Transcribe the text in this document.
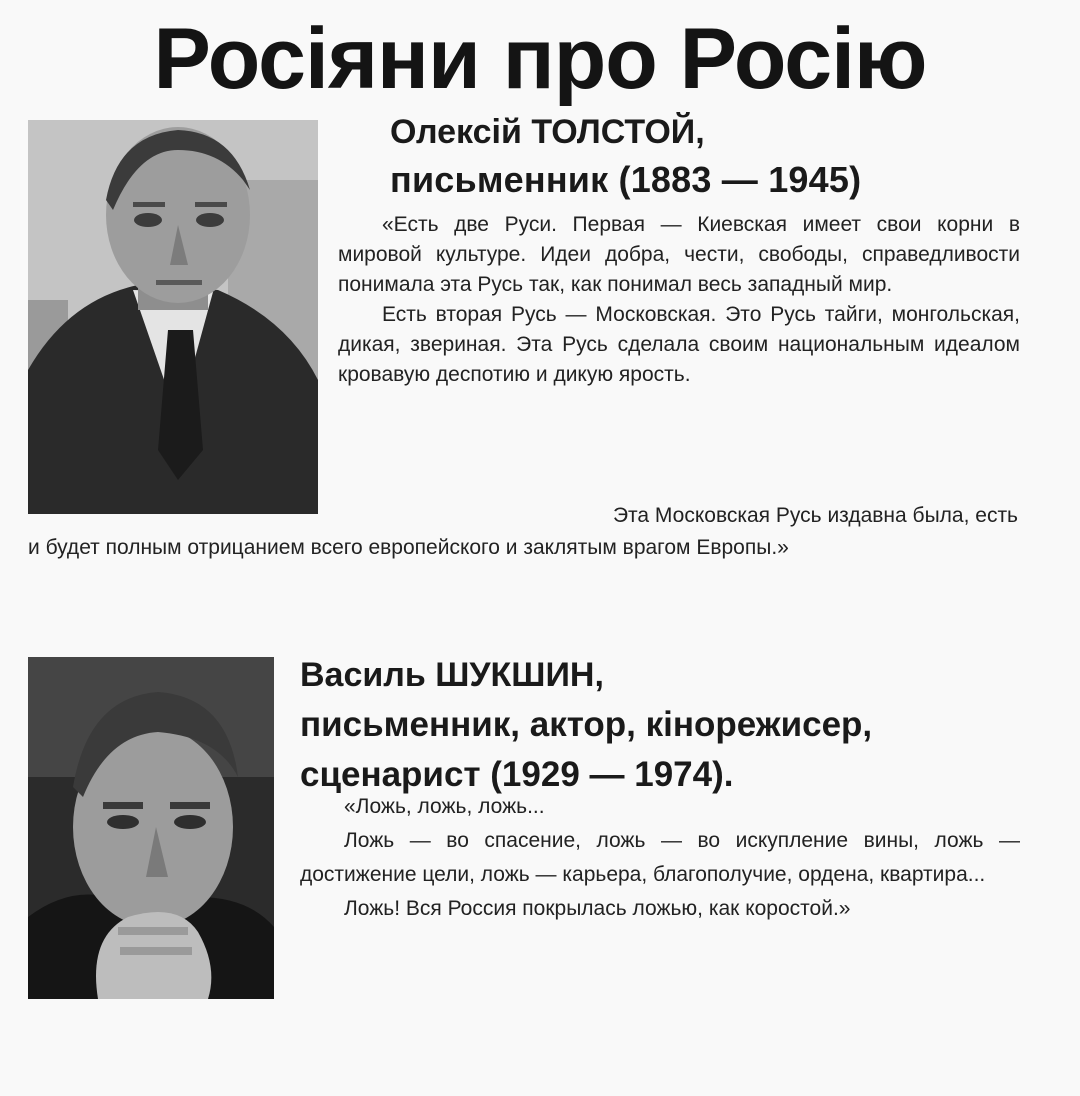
Росіяни про Росію
Олексій ТОЛСТОЙ,
письменник (1883 — 1945)

«Есть две Руси. Первая — Киевская имеет свои корни в мировой культуре. Идеи добра, чести, свободы, справедливости понимала эта Русь так, как понимал весь западный мир.

Есть вторая Русь — Московская. Это Русь тайги, монгольская, дикая, звериная. Эта Русь сделала своим национальным идеалом кровавую деспотию и дикую ярость.

Эта Московская Русь издавна была, есть
и будет полным отрицанием всего европейского и заклятым врагом Европы.»
Василь ШУКШИН,
письменник, актор, кінорежисер,
сценарист (1929 — 1974).

«Ложь, ложь, ложь...

Ложь — во спасение, ложь — во искупление вины, ложь — достижение цели, ложь — карьера, благополучие, ордена, квартира...

Ложь! Вся Россия покрылась ложью, как коростой.»
